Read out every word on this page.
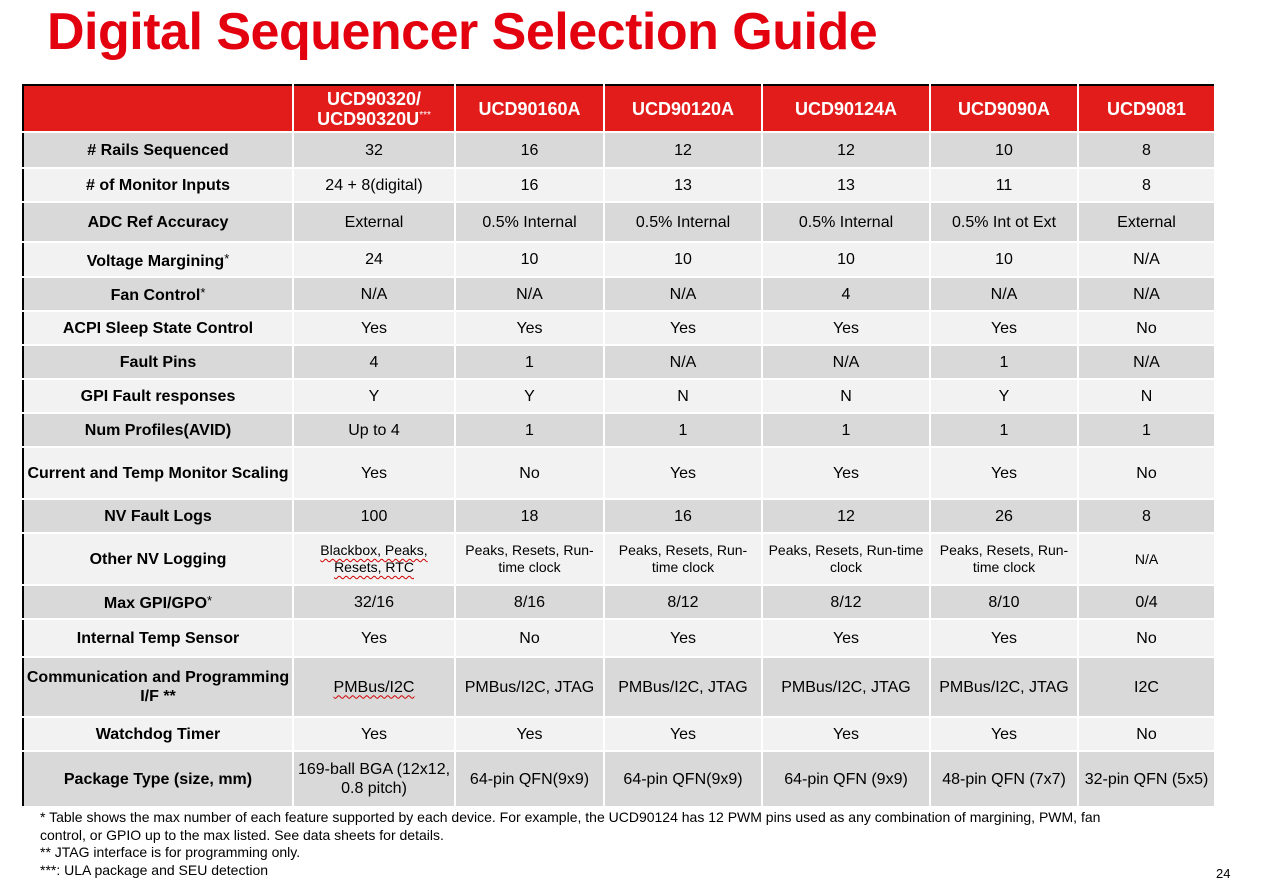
Digital Sequencer Selection Guide
	UCD90320/ UCD90320U***	UCD90160A	UCD90120A	UCD90124A	UCD9090A	UCD9081
# Rails Sequenced	32	16	12	12	10	8
# of Monitor Inputs	24 + 8(digital)	16	13	13	11	8
ADC Ref Accuracy	External	0.5% Internal	0.5% Internal	0.5% Internal	0.5% Int ot Ext	External
Voltage Margining*	24	10	10	10	10	N/A
Fan Control*	N/A	N/A	N/A	4	N/A	N/A
ACPI Sleep State Control	Yes	Yes	Yes	Yes	Yes	No
Fault Pins	4	1	N/A	N/A	1	N/A
GPI Fault responses	Y	Y	N	N	Y	N
Num Profiles(AVID)	Up to 4	1	1	1	1	1
Current and Temp Monitor Scaling	Yes	No	Yes	Yes	Yes	No
NV Fault Logs	100	18	16	12	26	8
Other NV Logging	Blackbox, Peaks, Resets, RTC	Peaks, Resets, Run-time clock	Peaks, Resets, Run-time clock	Peaks, Resets, Run-time clock	Peaks, Resets, Run-time clock	N/A
Max GPI/GPO*	32/16	8/16	8/12	8/12	8/10	0/4
Internal Temp Sensor	Yes	No	Yes	Yes	Yes	No
Communication and Programming I/F **	PMBus/I2C	PMBus/I2C, JTAG	PMBus/I2C, JTAG	PMBus/I2C, JTAG	PMBus/I2C, JTAG	I2C
Watchdog Timer	Yes	Yes	Yes	Yes	Yes	No
Package Type (size, mm)	169-ball BGA (12x12, 0.8 pitch)	64-pin QFN(9x9)	64-pin QFN(9x9)	64-pin QFN (9x9)	48-pin QFN (7x7)	32-pin QFN (5x5)
* Table shows the max number of each feature supported by each device. For example, the UCD90124 has 12 PWM pins used as any combination of margining, PWM, fan control, or GPIO up to the max listed. See data sheets for details.
** JTAG interface is for programming only.
***: ULA package and SEU detection	24
